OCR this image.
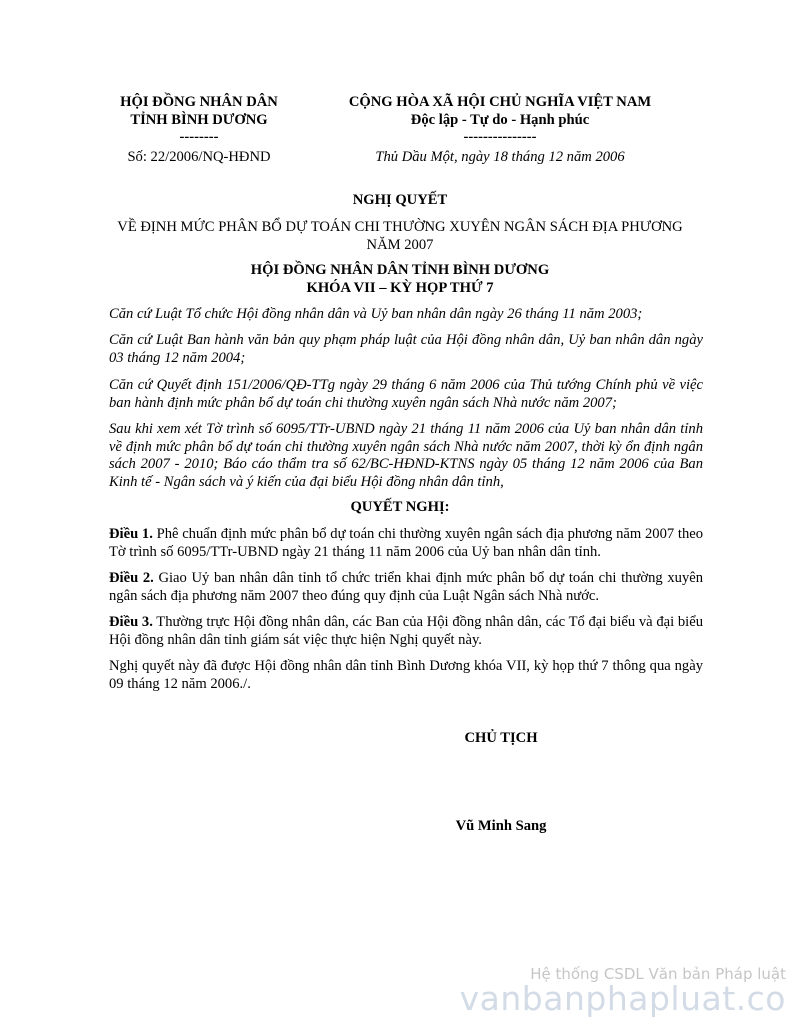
HỘI ĐỒNG NHÂN DÂN
TỈNH BÌNH DƯƠNG
--------
Số: 22/2006/NQ-HĐND
CỘNG HÒA XÃ HỘI CHỦ NGHĨA VIỆT NAM
Độc lập - Tự do - Hạnh phúc
---------------
Thủ Dầu Một, ngày 18 tháng 12 năm 2006
NGHỊ QUYẾT
VỀ ĐỊNH MỨC PHÂN BỔ DỰ TOÁN CHI THƯỜNG XUYÊN NGÂN SÁCH ĐỊA PHƯƠNG
NĂM 2007
HỘI ĐỒNG NHÂN DÂN TỈNH BÌNH DƯƠNG
KHÓA VII – KỲ HỌP THỨ 7
Căn cứ Luật Tổ chức Hội đồng nhân dân và Uỷ ban nhân dân ngày 26 tháng 11 năm 2003;
Căn cứ Luật Ban hành văn bản quy phạm pháp luật của Hội đồng nhân dân, Uỷ ban nhân dân ngày 03 tháng 12 năm 2004;
Căn cứ Quyết định 151/2006/QĐ-TTg ngày 29 tháng 6 năm 2006 của Thủ tướng Chính phủ về việc ban hành định mức phân bổ dự toán chi thường xuyên ngân sách Nhà nước năm 2007;
Sau khi xem xét Tờ trình số 6095/TTr-UBND ngày 21 tháng 11 năm 2006 của Uỷ ban nhân dân tỉnh về định mức phân bổ dự toán chi thường xuyên ngân sách Nhà nước năm 2007, thời kỳ ổn định ngân sách 2007 - 2010; Báo cáo thẩm tra số 62/BC-HĐND-KTNS ngày 05 tháng 12 năm 2006 của Ban Kinh tế - Ngân sách và ý kiến của đại biểu Hội đồng nhân dân tỉnh,
QUYẾT NGHỊ:
Điều 1. Phê chuẩn định mức phân bổ dự toán chi thường xuyên ngân sách địa phương năm 2007 theo Tờ trình số 6095/TTr-UBND ngày 21 tháng 11 năm 2006 của Uỷ ban nhân dân tỉnh.
Điều 2. Giao Uỷ ban nhân dân tỉnh tổ chức triển khai định mức phân bổ dự toán chi thường xuyên ngân sách địa phương năm 2007 theo đúng quy định của Luật Ngân sách Nhà nước.
Điều 3. Thường trực Hội đồng nhân dân, các Ban của Hội đồng nhân dân, các Tổ đại biểu và đại biểu Hội đồng nhân dân tỉnh giám sát việc thực hiện Nghị quyết này.
Nghị quyết này đã được Hội đồng nhân dân tỉnh Bình Dương khóa VII, kỳ họp thứ 7 thông qua ngày 09 tháng 12 năm 2006./.
CHỦ TỊCH
Vũ Minh Sang
Hệ thống CSDL Văn bản Pháp luật
vanbanphapluat.co
